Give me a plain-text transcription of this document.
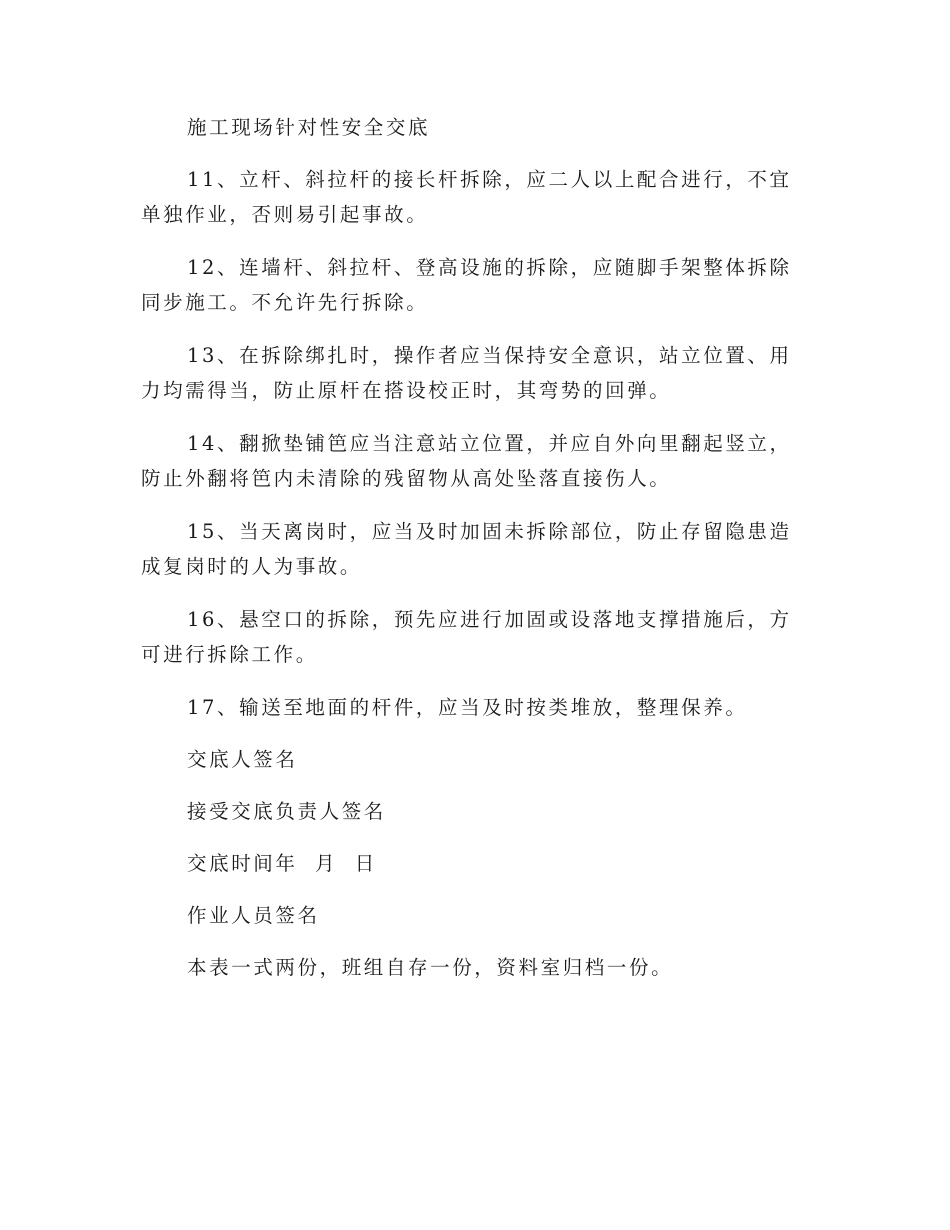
施工现场针对性安全交底

11、立杆、斜拉杆的接长杆拆除，应二人以上配合进行，不宜单独作业，否则易引起事故。

12、连墙杆、斜拉杆、登高设施的拆除，应随脚手架整体拆除同步施工。不允许先行拆除。

13、在拆除绑扎时，操作者应当保持安全意识，站立位置、用力均需得当，防止原杆在搭设校正时，其弯势的回弹。

14、翻掀垫铺笆应当注意站立位置，并应自外向里翻起竖立，防止外翻将笆内未清除的残留物从高处坠落直接伤人。

15、当天离岗时，应当及时加固未拆除部位，防止存留隐患造成复岗时的人为事故。

16、悬空口的拆除，预先应进行加固或设落地支撑措施后，方可进行拆除工作。

17、输送至地面的杆件，应当及时按类堆放，整理保养。

交底人签名

接受交底负责人签名

交底时间年  月  日

作业人员签名

本表一式两份，班组自存一份，资料室归档一份。
